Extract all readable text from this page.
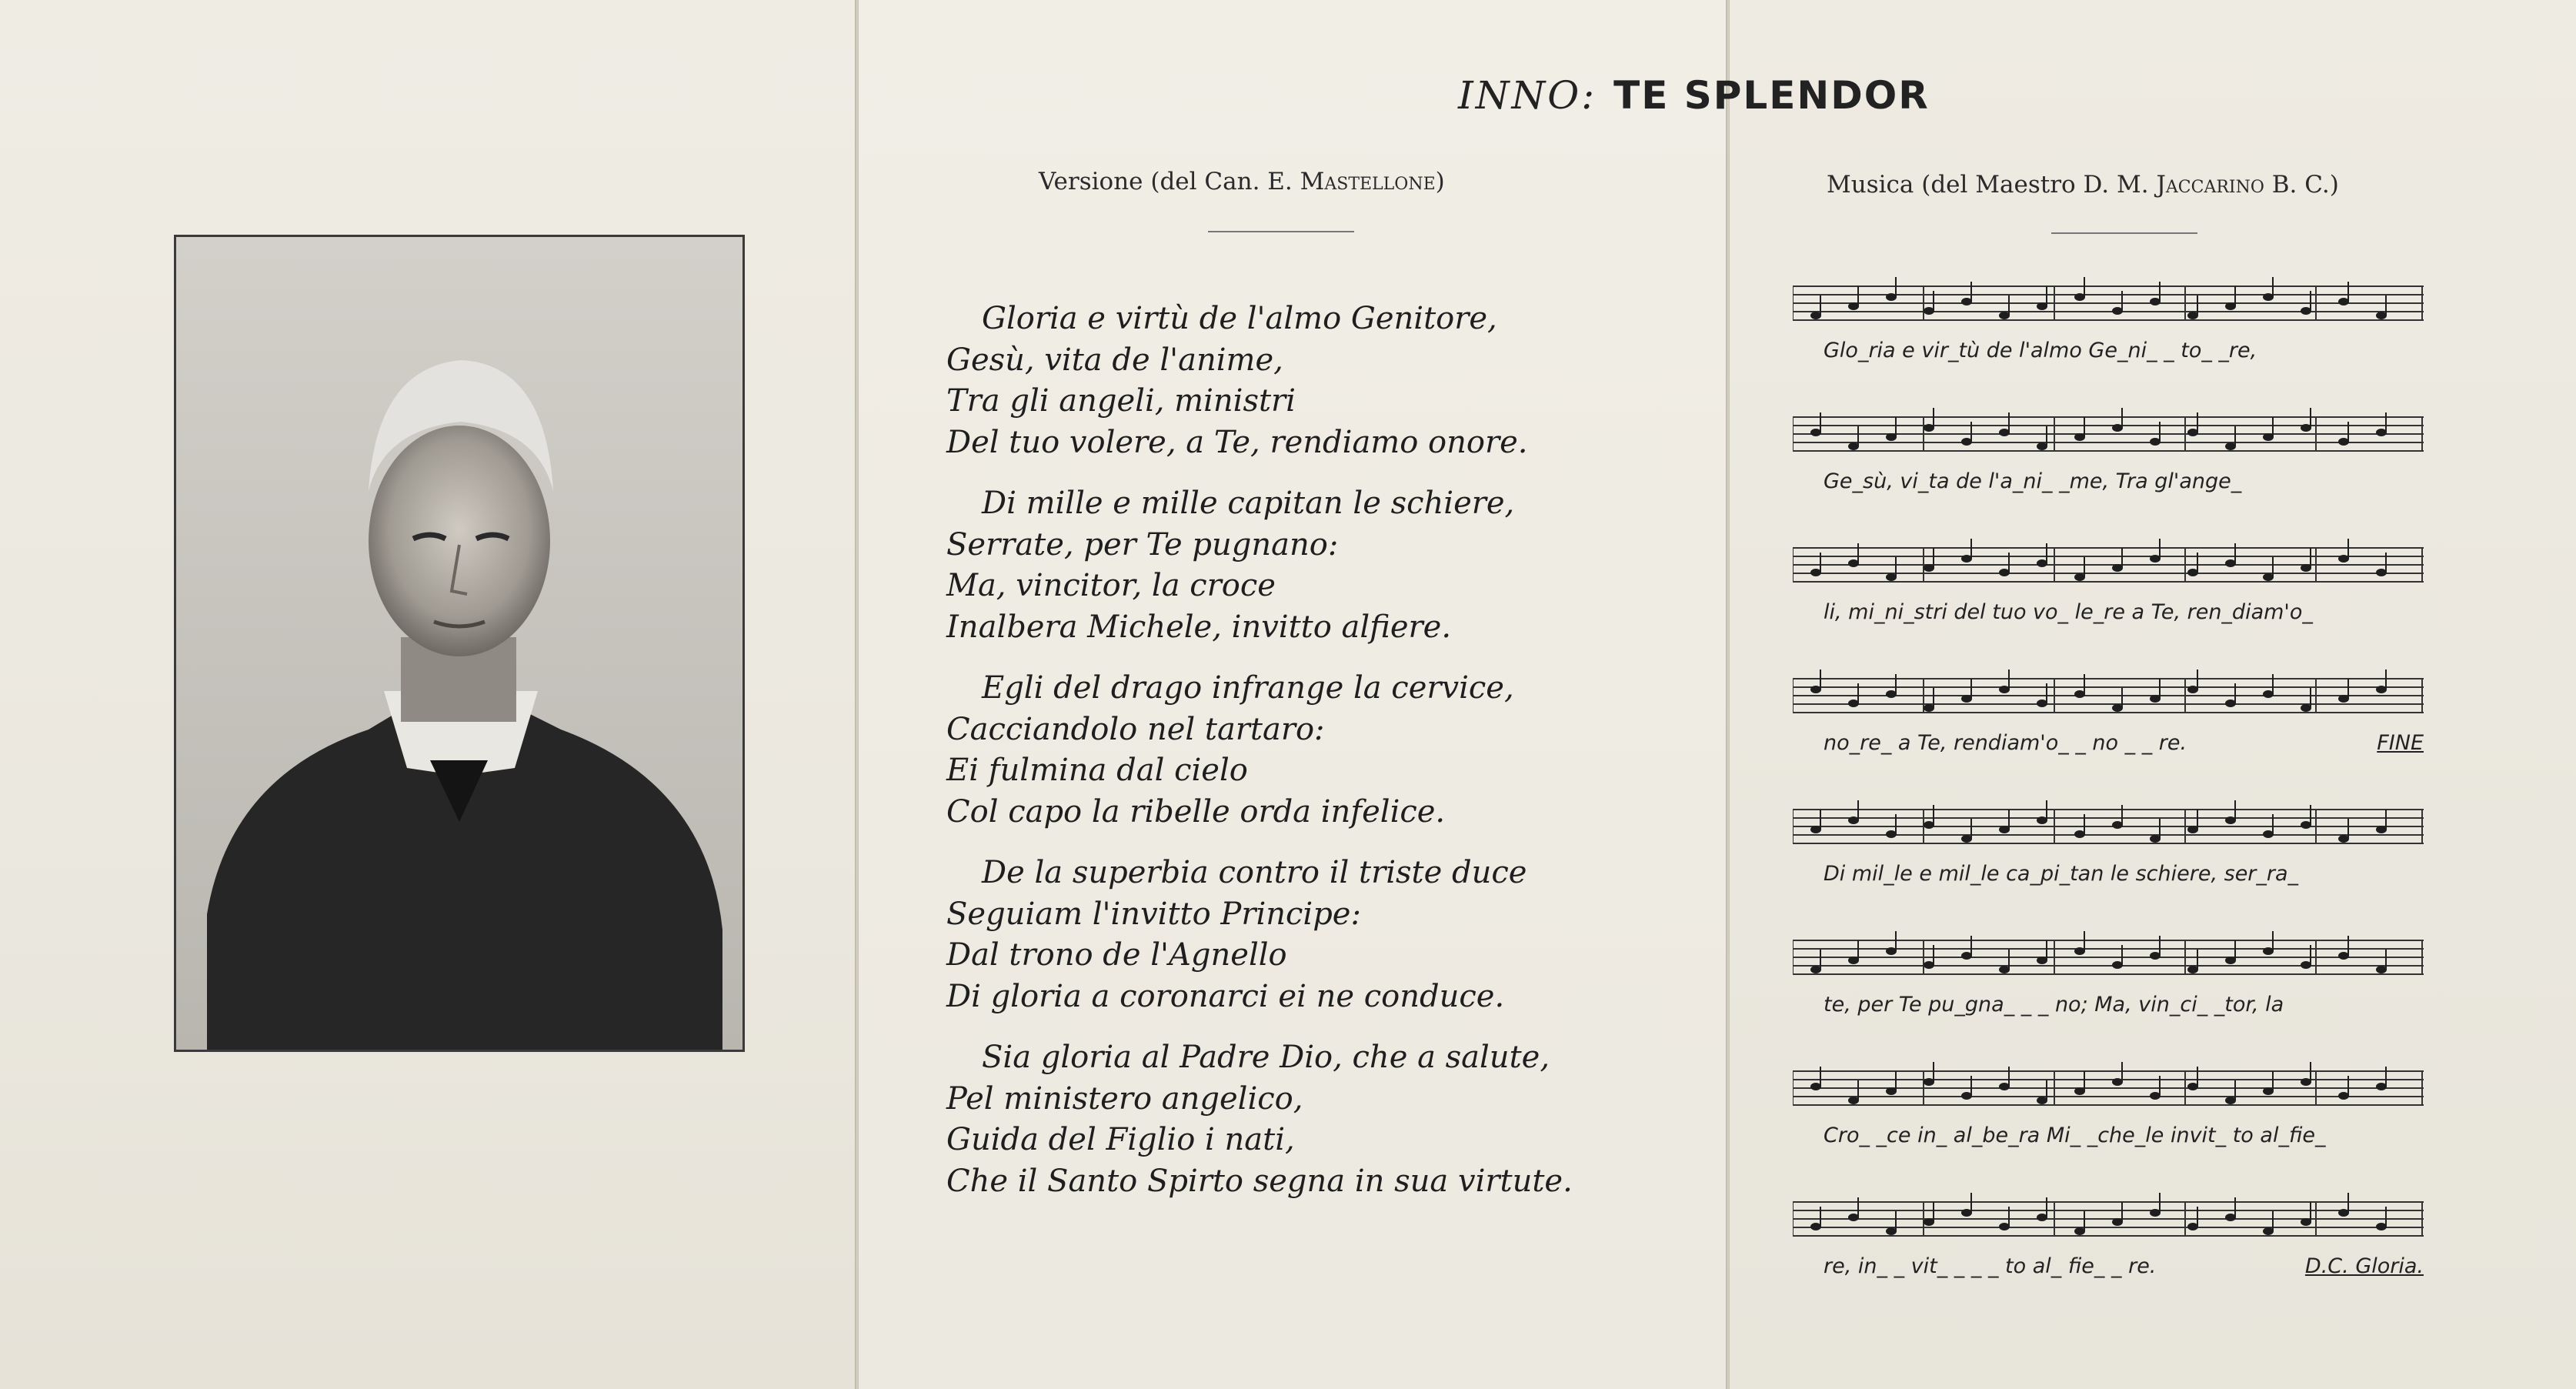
INNO: TE SPLENDOR
Versione (del Can. E. Mastellone)	Musica (del Maestro D. M. Jaccarino B. C.)
Gloria e virtù de l'almo Genitore,
Gesù, vita de l'anime,
Tra gli angeli, ministri
Del tuo volere, a Te, rendiamo onore.
Di mille e mille capitan le schiere,
Serrate, per Te pugnano:
Ma, vincitor, la croce
Inalbera Michele, invitto alfiere.
Egli del drago infrange la cervice,
Cacciandolo nel tartaro:
Ei fulmina dal cielo
Col capo la ribelle orda infelice.
De la superbia contro il triste duce
Seguiam l'invitto Principe:
Dal trono de l'Agnello
Di gloria a coronarci ei ne conduce.
Sia gloria al Padre Dio, che a salute,
Pel ministero angelico,
Guida del Figlio i nati,
Che il Santo Spirto segna in sua virtute.
Glo_ria e vir_tù de l'almo Ge_ni_ _ to_ _re,
Ge_sù, vi_ta de l'a_ni_ _me, Tra gl'ange_
li, mi_ni_stri del tuo vo_ le_re a Te, ren_diam'o_
no_re_ a Te, rendiam'o_ _ no _ _ re.	FINE
Di mil_le e mil_le ca_pi_tan le schiere, ser_ra_
te, per Te pu_gna_ _ _ no; Ma, vin_ci_ _tor, la
Cro_ _ce in_ al_be_ra Mi_ _che_le invit_ to al_fie_
re, in_ _ vit_ _ _ _ to al_ fie_ _ re.	D.C. Gloria.
